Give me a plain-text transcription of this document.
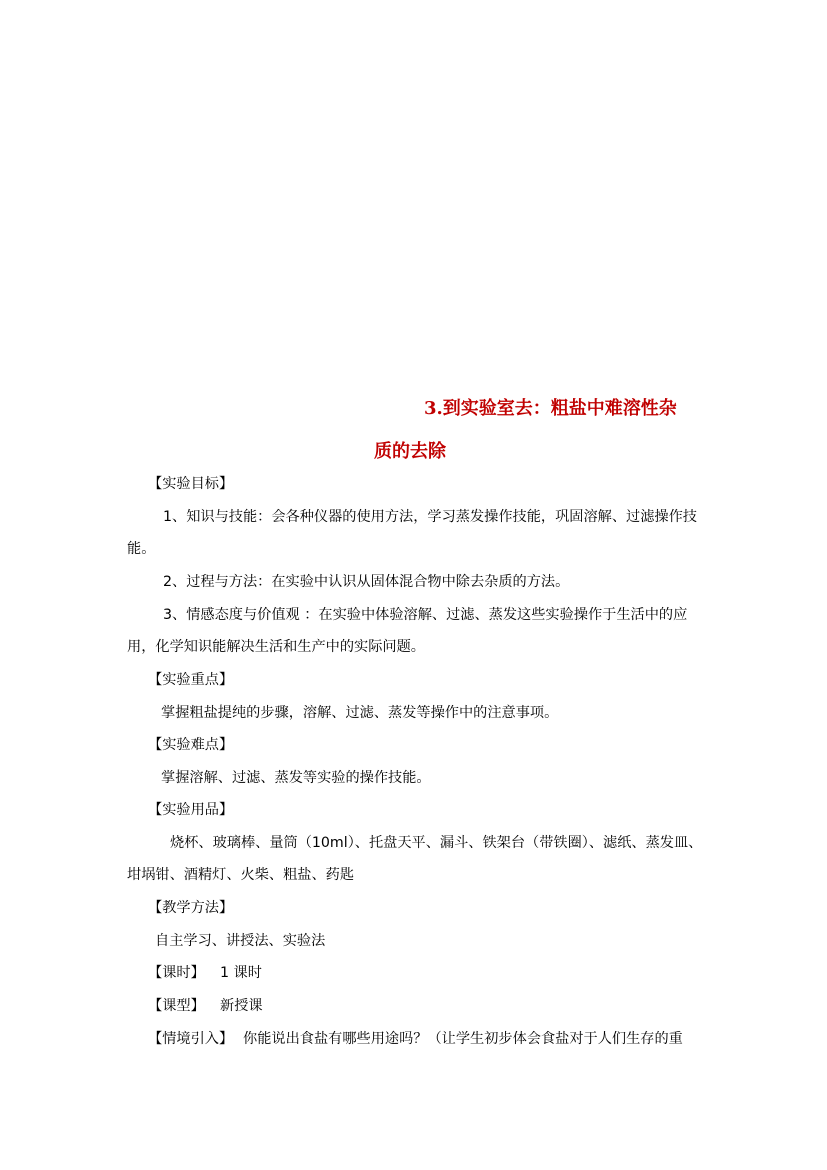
3.到实验室去：粗盐中难溶性杂
质的去除
【实验目标】
1、知识与技能：会各种仪器的使用方法，学习蒸发操作技能，巩固溶解、过滤操作技
能。
2、过程与方法：在实验中认识从固体混合物中除去杂质的方法。
3、情感态度与价值观 ：在实验中体验溶解、过滤、蒸发这些实验操作于生活中的应
用，化学知识能解决生活和生产中的实际问题。
【实验重点】
掌握粗盐提纯的步骤，溶解、过滤、蒸发等操作中的注意事项。
【实验难点】
掌握溶解、过滤、蒸发等实验的操作技能。
【实验用品】
烧杯、玻璃棒、量筒（10ml）、托盘天平、漏斗、铁架台（带铁圈）、滤纸、蒸发皿、
坩埚钳、酒精灯、火柴、粗盐、药匙
【教学方法】
自主学习、讲授法、实验法
【课时】 1 课时
【课型】 新授课
【情境引入】 你能说出食盐有哪些用途吗？（让学生初步体会食盐对于人们生存的重
